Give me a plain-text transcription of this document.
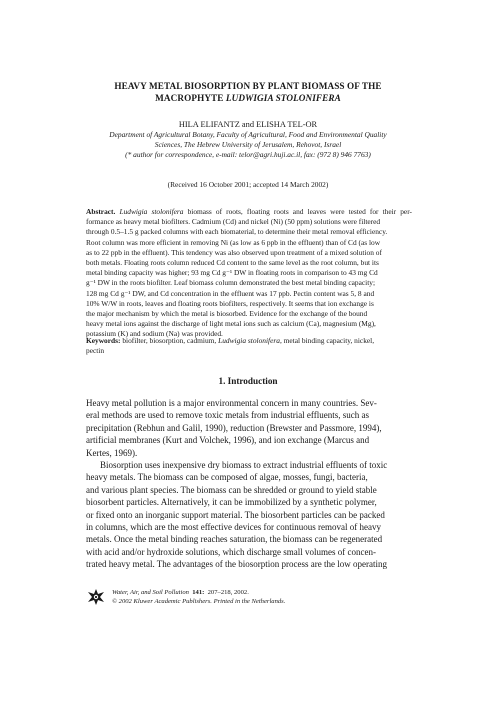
HEAVY METAL BIOSORPTION BY PLANT BIOMASS OF THE
MACROPHYTE LUDWIGIA STOLONIFERA
HILA ELIFANTZ and ELISHA TEL-OR
Department of Agricultural Botany, Faculty of Agricultural, Food and Environmental Quality
Sciences, The Hebrew University of Jerusalem, Rehovot, Israel
(* author for correspondence, e-mail: telor@agri.huji.ac.il, fax: (972 8) 946 7763)
(Received 16 October 2001; accepted 14 March 2002)
Abstract. Ludwigia stolonifera biomass of roots, floating roots and leaves were tested for their per-
formance as heavy metal biofilters. Cadmium (Cd) and nickel (Ni) (50 ppm) solutions were filtered
through 0.5–1.5 g packed columns with each biomaterial, to determine their metal removal efficiency.
Root column was more efficient in removing Ni (as low as 6 ppb in the effluent) than of Cd (as low
as to 22 ppb in the effluent). This tendency was also observed upon treatment of a mixed solution of
both metals. Floating roots column reduced Cd content to the same level as the root column, but its
metal binding capacity was higher; 93 mg Cd g⁻¹ DW in floating roots in comparison to 43 mg Cd
g⁻¹ DW in the roots biofilter. Leaf biomass column demonstrated the best metal binding capacity;
128 mg Cd g⁻¹ DW, and Cd concentration in the effluent was 17 ppb. Pectin content was 5, 8 and
10% W/W in roots, leaves and floating roots biofilters, respectively. It seems that ion exchange is
the major mechanism by which the metal is biosorbed. Evidence for the exchange of the bound
heavy metal ions against the discharge of light metal ions such as calcium (Ca), magnesium (Mg),
potassium (K) and sodium (Na) was provided.
Keywords: biofilter, biosorption, cadmium, Ludwigia stolonifera, metal binding capacity, nickel,
pectin
1. Introduction
Heavy metal pollution is a major environmental concern in many countries. Sev-
eral methods are used to remove toxic metals from industrial effluents, such as
precipitation (Rebhun and Galil, 1990), reduction (Brewster and Passmore, 1994),
artificial membranes (Kurt and Volchek, 1996), and ion exchange (Marcus and
Kertes, 1969).
Biosorption uses inexpensive dry biomass to extract industrial effluents of toxic
heavy metals. The biomass can be composed of algae, mosses, fungi, bacteria,
and various plant species. The biomass can be shredded or ground to yield stable
biosorbent particles. Alternatively, it can be immobilized by a synthetic polymer,
or fixed onto an inorganic support material. The biosorbent particles can be packed
in columns, which are the most effective devices for continuous removal of heavy
metals. Once the metal binding reaches saturation, the biomass can be regenerated
with acid and/or hydroxide solutions, which discharge small volumes of concen-
trated heavy metal. The advantages of the biosorption process are the low operating
Water, Air, and Soil Pollution 141: 207–218, 2002.
© 2002 Kluwer Academic Publishers. Printed in the Netherlands.
